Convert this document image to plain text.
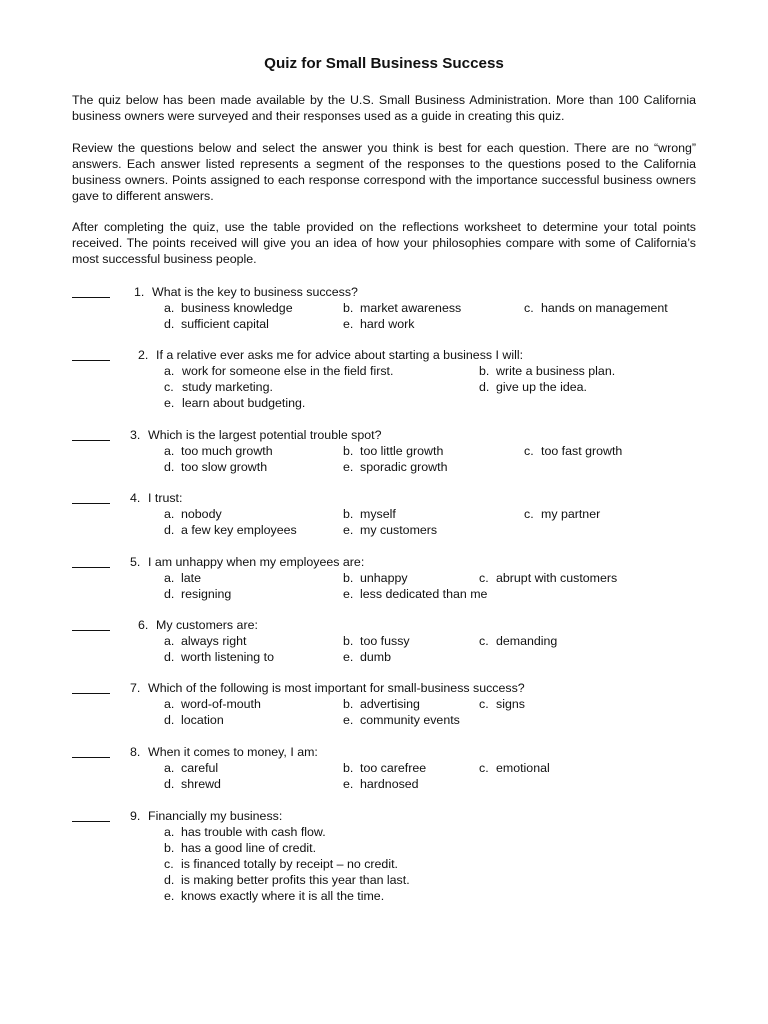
Quiz for Small Business Success

The quiz below has been made available by the U.S. Small Business Administration. More than 100 California business owners were surveyed and their responses used as a guide in creating this quiz.

Review the questions below and select the answer you think is best for each question. There are no “wrong” answers. Each answer listed represents a segment of the responses to the questions posed to the California business owners. Points assigned to each response correspond with the importance successful business owners gave to different answers.

After completing the quiz, use the table provided on the reflections worksheet to determine your total points received. The points received will give you an idea of how your philosophies compare with some of California’s most successful business people.

1. What is the key to business success?
a. business knowledge	b. market awareness	c. hands on management
d. sufficient capital	e. hard work
2. If a relative ever asks me for advice about starting a business I will:
a. work for someone else in the field first.	b. write a business plan.
c. study marketing.	d. give up the idea.
e. learn about budgeting.
3. Which is the largest potential trouble spot?
a. too much growth	b. too little growth	c. too fast growth
d. too slow growth	e. sporadic growth
4. I trust:
a. nobody	b. myself	c. my partner
d. a few key employees	e. my customers
5. I am unhappy when my employees are:
a. late	b. unhappy	c. abrupt with customers
d. resigning	e. less dedicated than me
6. My customers are:
a. always right	b. too fussy	c. demanding
d. worth listening to	e. dumb
7. Which of the following is most important for small-business success?
a. word-of-mouth	b. advertising	c. signs
d. location	e. community events
8. When it comes to money, I am:
a. careful	b. too carefree	c. emotional
d. shrewd	e. hardnosed
9. Financially my business:
a. has trouble with cash flow.
b. has a good line of credit.
c. is financed totally by receipt – no credit.
d. is making better profits this year than last.
e. knows exactly where it is all the time.
